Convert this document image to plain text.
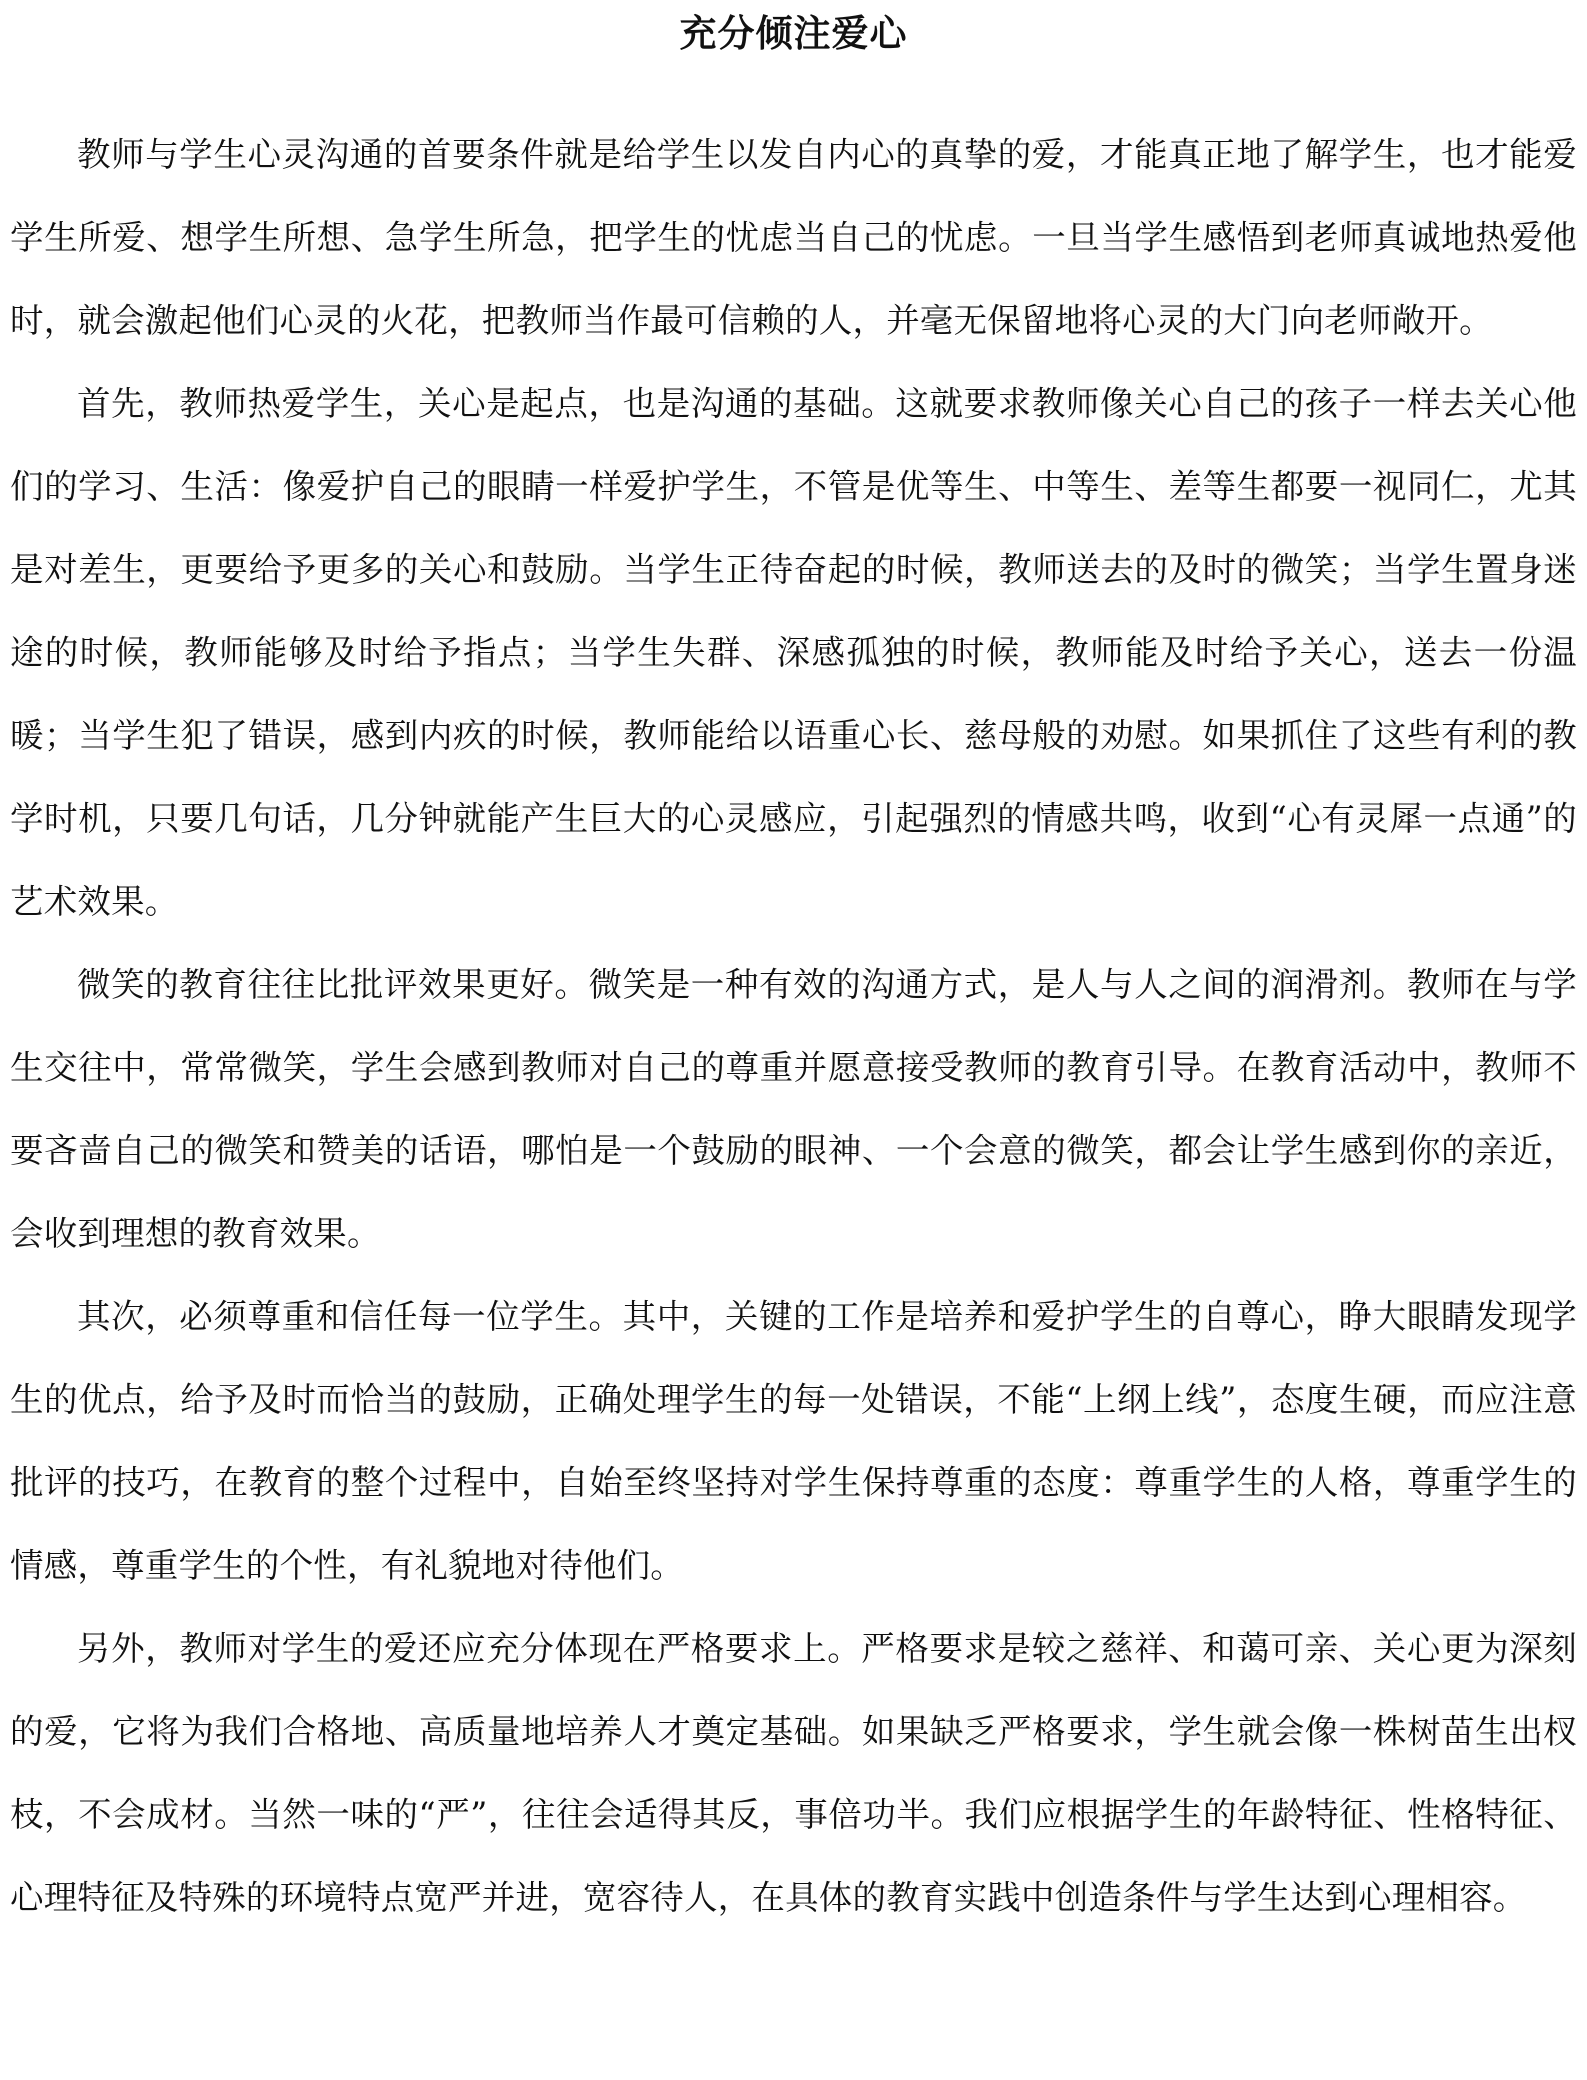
充分倾注爱心

教师与学生心灵沟通的首要条件就是给学生以发自内心的真挚的爱，才能真正地了解学生，也才能爱学生所爱、想学生所想、急学生所急，把学生的忧虑当自己的忧虑。一旦当学生感悟到老师真诚地热爱他时，就会激起他们心灵的火花，把教师当作最可信赖的人，并毫无保留地将心灵的大门向老师敞开。

首先，教师热爱学生，关心是起点，也是沟通的基础。这就要求教师像关心自己的孩子一样去关心他们的学习、生活：像爱护自己的眼睛一样爱护学生，不管是优等生、中等生、差等生都要一视同仁，尤其是对差生，更要给予更多的关心和鼓励。当学生正待奋起的时候，教师送去的及时的微笑；当学生置身迷途的时候，教师能够及时给予指点；当学生失群、深感孤独的时候，教师能及时给予关心，送去一份温暖；当学生犯了错误，感到内疚的时候，教师能给以语重心长、慈母般的劝慰。如果抓住了这些有利的教学时机，只要几句话，几分钟就能产生巨大的心灵感应，引起强烈的情感共鸣，收到“心有灵犀一点通”的艺术效果。

微笑的教育往往比批评效果更好。微笑是一种有效的沟通方式，是人与人之间的润滑剂。教师在与学生交往中，常常微笑，学生会感到教师对自己的尊重并愿意接受教师的教育引导。在教育活动中，教师不要吝啬自己的微笑和赞美的话语，哪怕是一个鼓励的眼神、一个会意的微笑，都会让学生感到你的亲近，会收到理想的教育效果。

其次，必须尊重和信任每一位学生。其中，关键的工作是培养和爱护学生的自尊心，睁大眼睛发现学生的优点，给予及时而恰当的鼓励，正确处理学生的每一处错误，不能“上纲上线”，态度生硬，而应注意批评的技巧，在教育的整个过程中，自始至终坚持对学生保持尊重的态度：尊重学生的人格，尊重学生的情感，尊重学生的个性，有礼貌地对待他们。

另外，教师对学生的爱还应充分体现在严格要求上。严格要求是较之慈祥、和蔼可亲、关心更为深刻的爱，它将为我们合格地、高质量地培养人才奠定基础。如果缺乏严格要求，学生就会像一株树苗生出杈枝，不会成材。当然一味的“严”，往往会适得其反，事倍功半。我们应根据学生的年龄特征、性格特征、心理特征及特殊的环境特点宽严并进，宽容待人，在具体的教育实践中创造条件与学生达到心理相容。
